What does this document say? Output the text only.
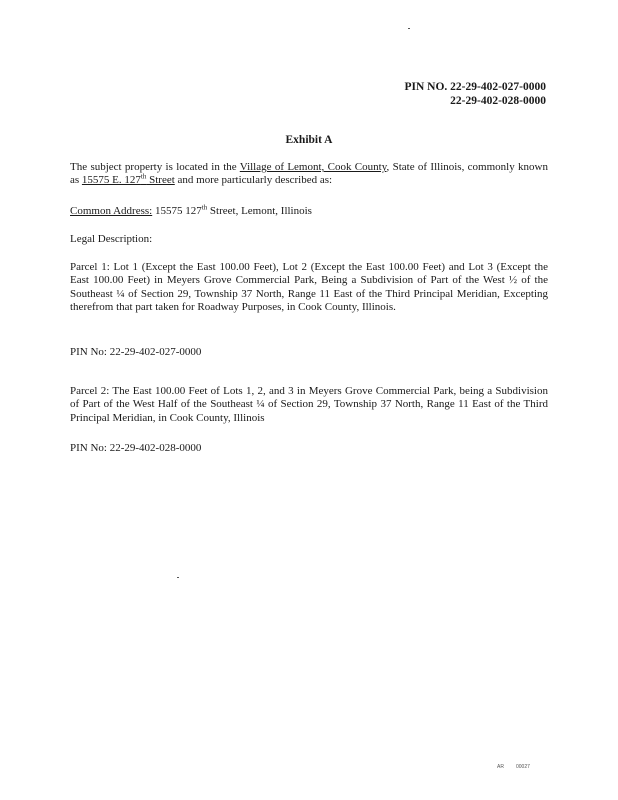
PIN NO. 22-29-402-027-0000
22-29-402-028-0000
Exhibit A
The subject property is located in the Village of Lemont, Cook County, State of Illinois, commonly known as 15575 E. 127th Street and more particularly described as:
Common Address: 15575 127th Street, Lemont, Illinois
Legal Description:
Parcel 1: Lot 1 (Except the East 100.00 Feet), Lot 2 (Except the East 100.00 Feet) and Lot 3 (Except the East 100.00 Feet) in Meyers Grove Commercial Park, Being a Subdivision of Part of the West ½ of the Southeast ¼ of Section 29, Township 37 North, Range 11 East of the Third Principal Meridian, Excepting therefrom that part taken for Roadway Purposes, in Cook County, Illinois.
PIN No: 22-29-402-027-0000
Parcel 2: The East 100.00 Feet of Lots 1, 2, and 3 in Meyers Grove Commercial Park, being a Subdivision of Part of the West Half of the Southeast ¼ of Section 29, Township 37 North, Range 11 East of the Third Principal Meridian, in Cook County, Illinois
PIN No: 22-29-402-028-0000
AR 00027
